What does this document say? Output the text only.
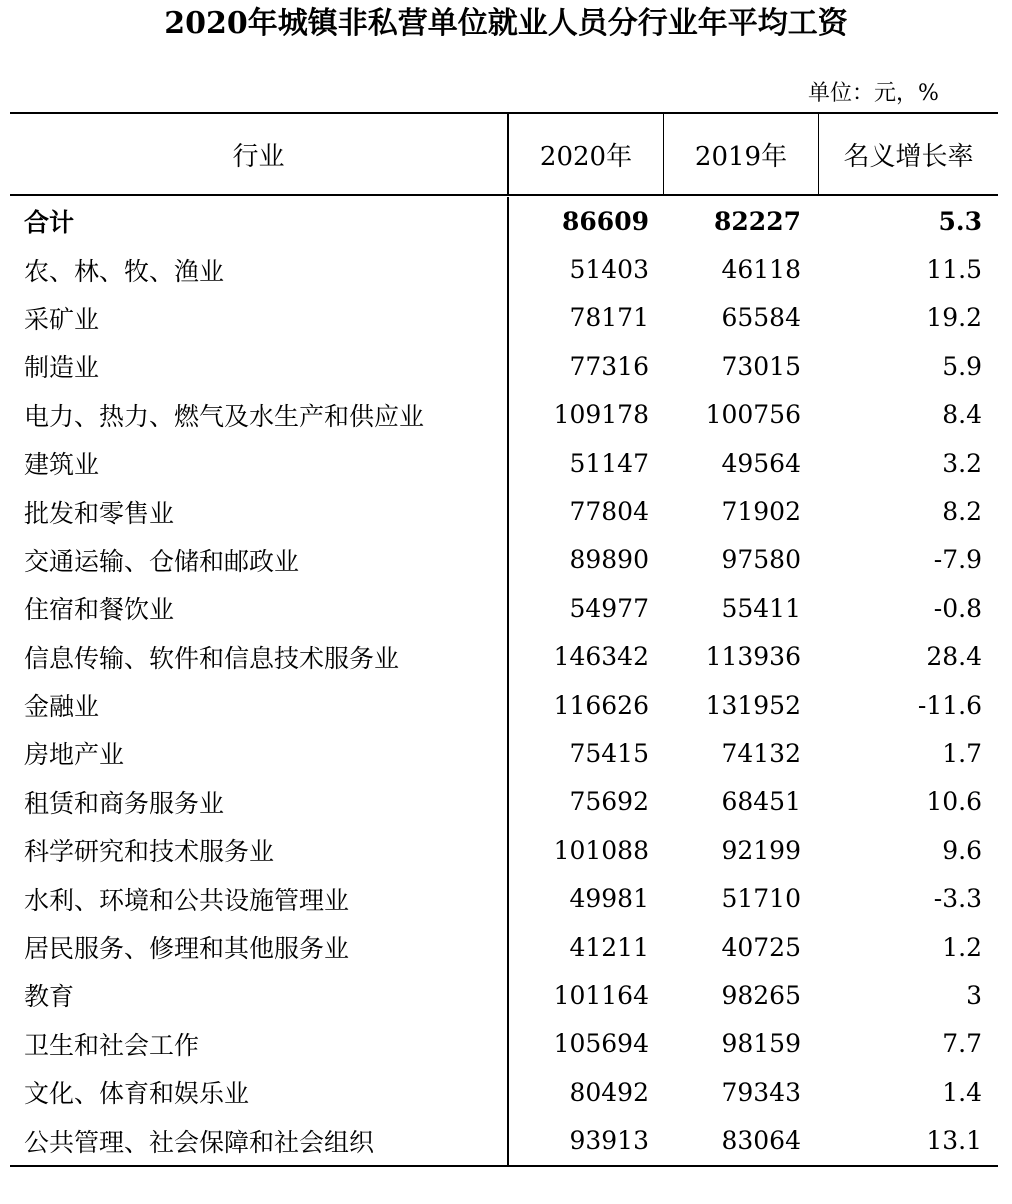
2020年城镇非私营单位就业人员分行业年平均工资
单位：元，%
行业	2020年	2019年	名义增长率
合计	86609	82227	5.3
农、林、牧、渔业	51403	46118	11.5
采矿业	78171	65584	19.2
制造业	77316	73015	5.9
电力、热力、燃气及水生产和供应业	109178	100756	8.4
建筑业	51147	49564	3.2
批发和零售业	77804	71902	8.2
交通运输、仓储和邮政业	89890	97580	-7.9
住宿和餐饮业	54977	55411	-0.8
信息传输、软件和信息技术服务业	146342	113936	28.4
金融业	116626	131952	-11.6
房地产业	75415	74132	1.7
租赁和商务服务业	75692	68451	10.6
科学研究和技术服务业	101088	92199	9.6
水利、环境和公共设施管理业	49981	51710	-3.3
居民服务、修理和其他服务业	41211	40725	1.2
教育	101164	98265	3
卫生和社会工作	105694	98159	7.7
文化、体育和娱乐业	80492	79343	1.4
公共管理、社会保障和社会组织	93913	83064	13.1
